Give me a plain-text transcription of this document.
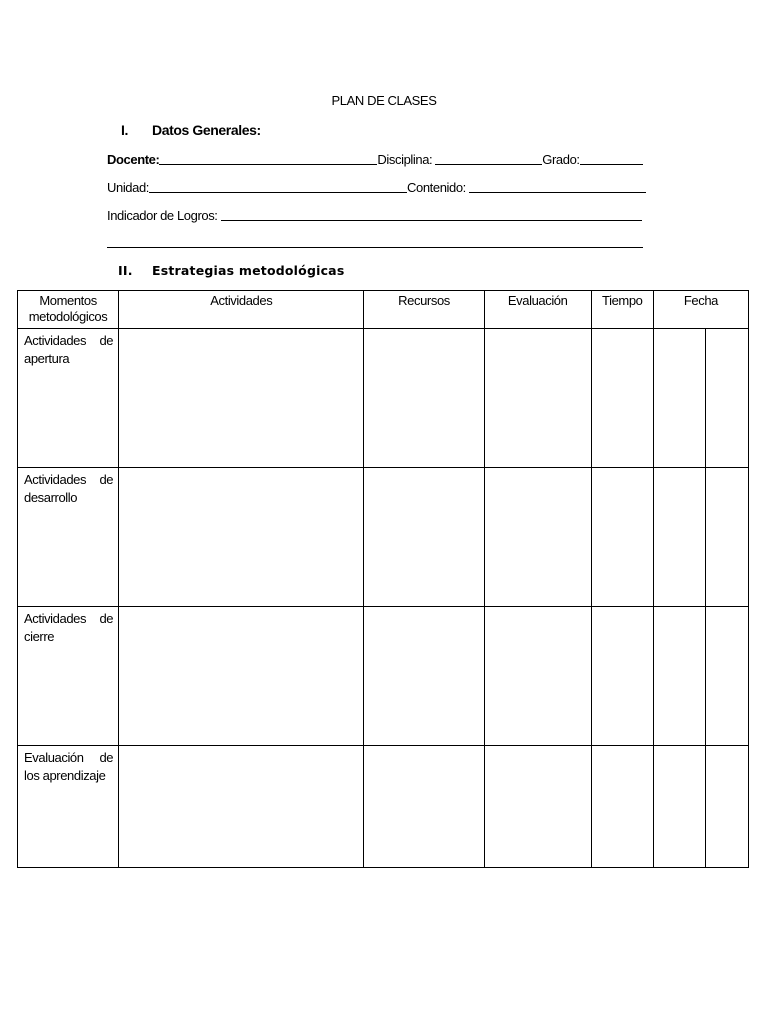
PLAN DE CLASES
I. Datos Generales:
Docente:	Disciplina:	Grado:
Unidad:	Contenido:
Indicador de Logros:
II. Estrategias metodológicas
Momentos metodológicos	Actividades	Recursos	Evaluación	Tiempo	Fecha	
Actividades de apertura						
Actividades de desarrollo						
Actividades de cierre						
Evaluación de los aprendizaje						
